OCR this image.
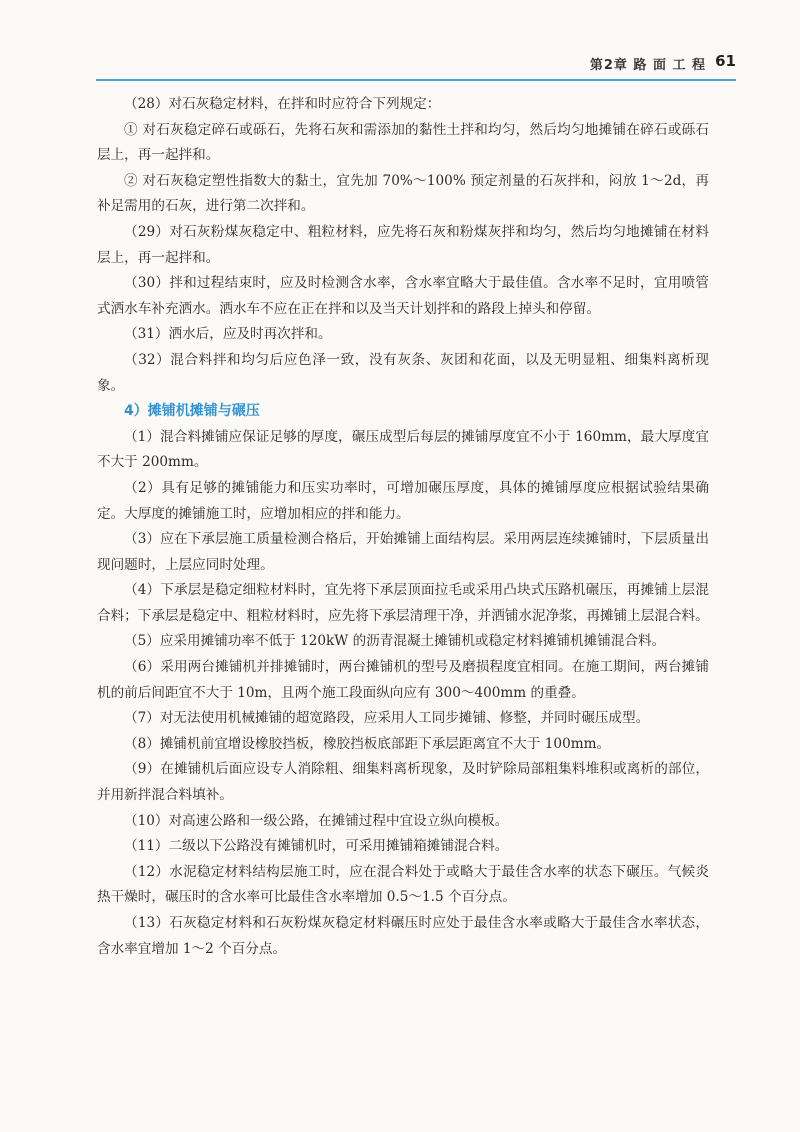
第2章 路 面 工 程 61

（28）对石灰稳定材料，在拌和时应符合下列规定：

① 对石灰稳定碎石或砾石，先将石灰和需添加的黏性土拌和均匀，然后均匀地摊铺在碎石或砾石层上，再一起拌和。

② 对石灰稳定塑性指数大的黏土，宜先加 70%～100% 预定剂量的石灰拌和，闷放 1～2d，再补足需用的石灰，进行第二次拌和。

（29）对石灰粉煤灰稳定中、粗粒材料，应先将石灰和粉煤灰拌和均匀，然后均匀地摊铺在材料层上，再一起拌和。

（30）拌和过程结束时，应及时检测含水率，含水率宜略大于最佳值。含水率不足时，宜用喷管式洒水车补充洒水。洒水车不应在正在拌和以及当天计划拌和的路段上掉头和停留。

（31）洒水后，应及时再次拌和。

（32）混合料拌和均匀后应色泽一致，没有灰条、灰团和花面，以及无明显粗、细集料离析现象。

4）摊铺机摊铺与碾压

（1）混合料摊铺应保证足够的厚度，碾压成型后每层的摊铺厚度宜不小于 160mm，最大厚度宜不大于 200mm。

（2）具有足够的摊铺能力和压实功率时，可增加碾压厚度，具体的摊铺厚度应根据试验结果确定。大厚度的摊铺施工时，应增加相应的拌和能力。

（3）应在下承层施工质量检测合格后，开始摊铺上面结构层。采用两层连续摊铺时，下层质量出现问题时，上层应同时处理。

（4）下承层是稳定细粒材料时，宜先将下承层顶面拉毛或采用凸块式压路机碾压，再摊铺上层混合料；下承层是稳定中、粗粒材料时，应先将下承层清理干净，并洒铺水泥净浆，再摊铺上层混合料。

（5）应采用摊铺功率不低于 120kW 的沥青混凝土摊铺机或稳定材料摊铺机摊铺混合料。

（6）采用两台摊铺机并排摊铺时，两台摊铺机的型号及磨损程度宜相同。在施工期间，两台摊铺机的前后间距宜不大于 10m，且两个施工段面纵向应有 300～400mm 的重叠。

（7）对无法使用机械摊铺的超宽路段，应采用人工同步摊铺、修整，并同时碾压成型。

（8）摊铺机前宜增设橡胶挡板，橡胶挡板底部距下承层距离宜不大于 100mm。

（9）在摊铺机后面应设专人消除粗、细集料离析现象，及时铲除局部粗集料堆积或离析的部位，并用新拌混合料填补。

（10）对高速公路和一级公路，在摊铺过程中宜设立纵向模板。

（11）二级以下公路没有摊铺机时，可采用摊铺箱摊铺混合料。

（12）水泥稳定材料结构层施工时，应在混合料处于或略大于最佳含水率的状态下碾压。气候炎热干燥时，碾压时的含水率可比最佳含水率增加 0.5～1.5 个百分点。

（13）石灰稳定材料和石灰粉煤灰稳定材料碾压时应处于最佳含水率或略大于最佳含水率状态，含水率宜增加 1～2 个百分点。
